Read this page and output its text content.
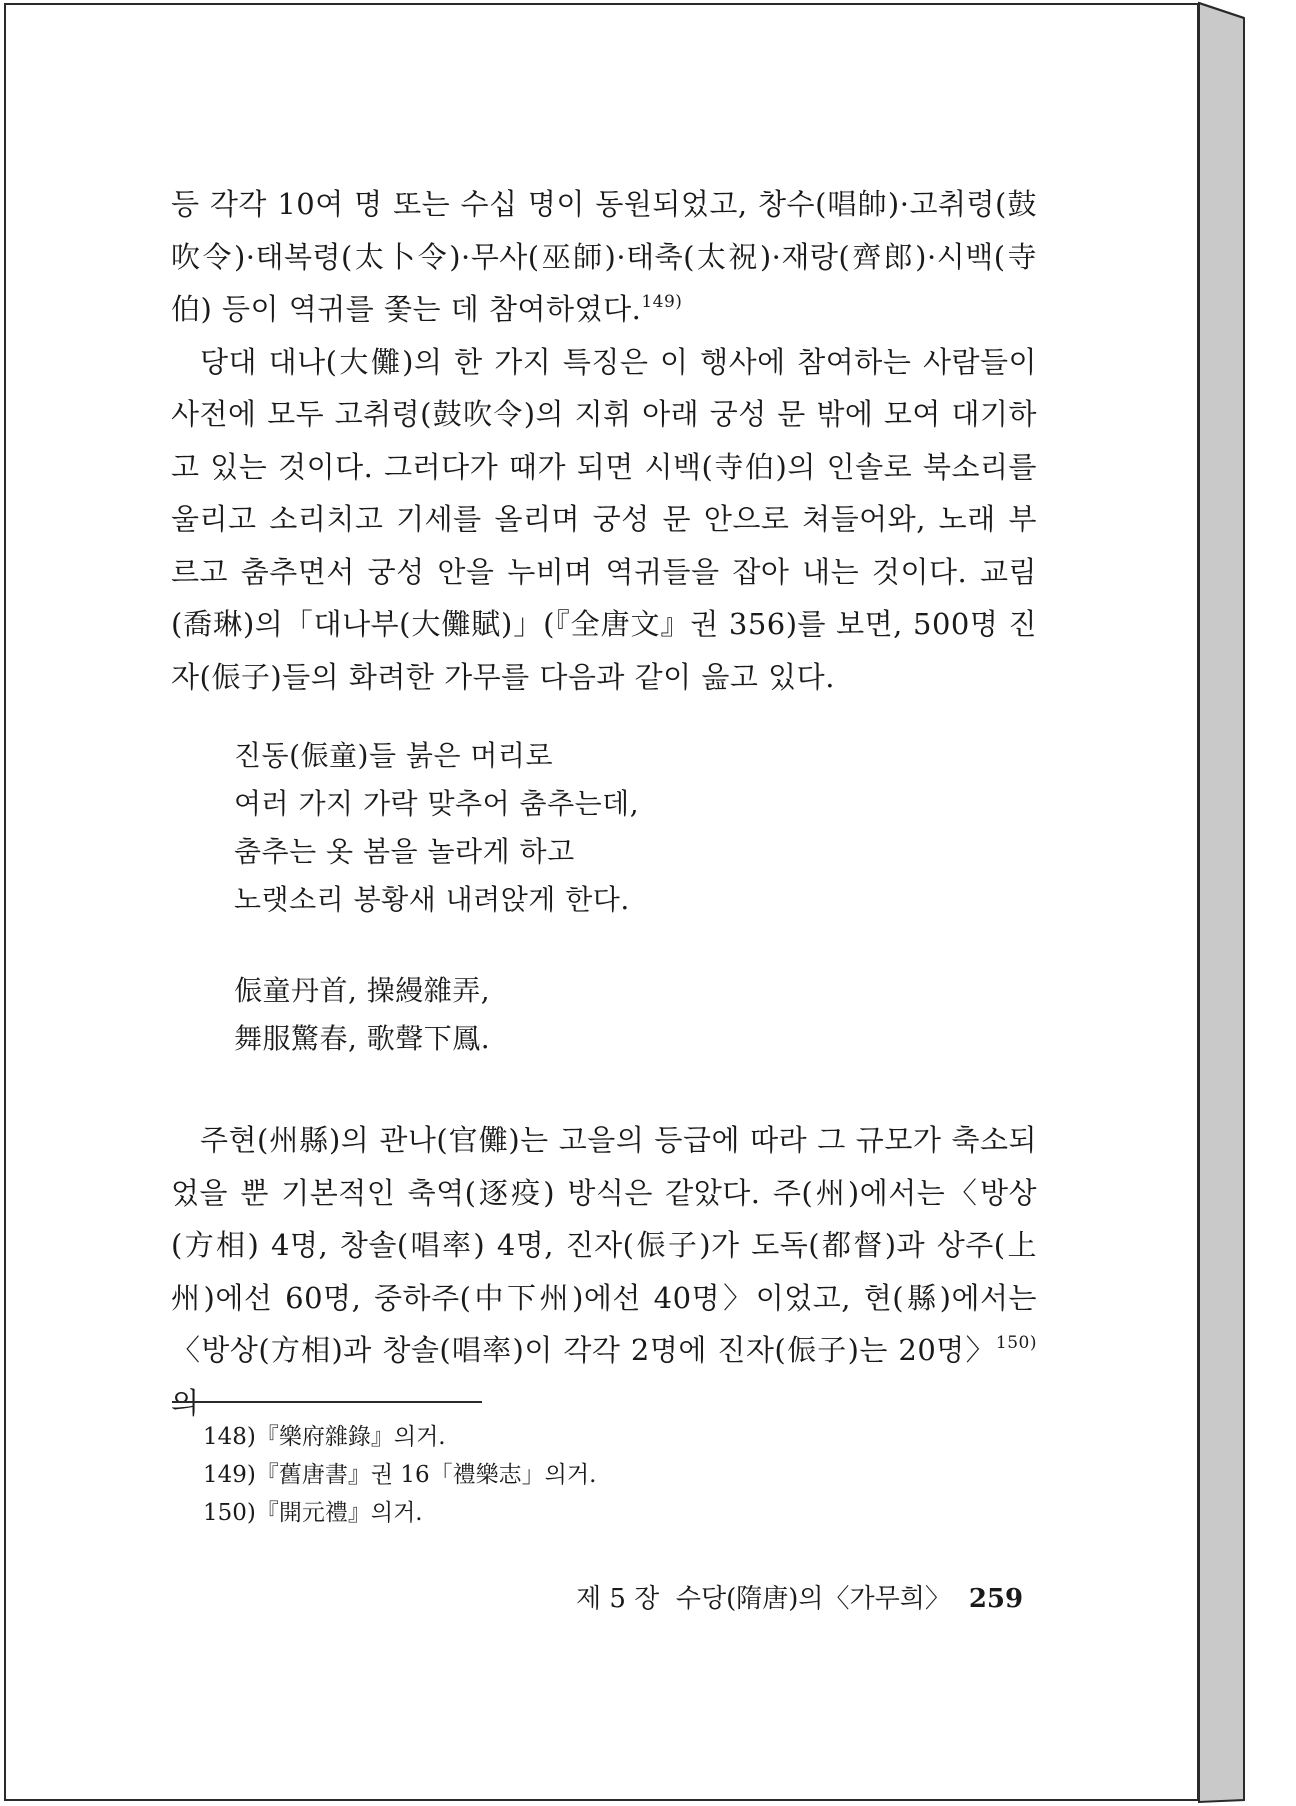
등 각각 10여 명 또는 수십 명이 동원되었고, 창수(唱帥)·고취령(鼓吹令)·태복령(太卜令)·무사(巫師)·태축(太祝)·재랑(齊郎)·시백(寺伯) 등이 역귀를 쫓는 데 참여하였다.$^{149)}$

당대 대나(大儺)의 한 가지 특징은 이 행사에 참여하는 사람들이 사전에 모두 고취령(鼓吹令)의 지휘 아래 궁성 문 밖에 모여 대기하고 있는 것이다. 그러다가 때가 되면 시백(寺伯)의 인솔로 북소리를 울리고 소리치고 기세를 올리며 궁성 문 안으로 쳐들어와, 노래 부르고 춤추면서 궁성 안을 누비며 역귀들을 잡아 내는 것이다. 교림(喬琳)의「대나부(大儺賦)」(『全唐文』권 356)를 보면, 500명 진자(侲子)들의 화려한 가무를 다음과 같이 읊고 있다.

진동(侲童)들 붉은 머리로
여러 가지 가락 맞추어 춤추는데,
춤추는 옷 봄을 놀라게 하고
노랫소리 봉황새 내려앉게 한다.
侲童丹首, 操縵雜弄,
舞服驚春, 歌聲下鳳.

주현(州縣)의 관나(官儺)는 고을의 등급에 따라 그 규모가 축소되었을 뿐 기본적인 축역(逐疫) 방식은 같았다. 주(州)에서는〈방상(方相) 4명, 창솔(唱率) 4명, 진자(侲子)가 도독(都督)과 상주(上州)에선 60명, 중하주(中下州)에선 40명〉이었고, 현(縣)에서는〈방상(方相)과 창솔(唱率)이 각각 2명에 진자(侲子)는 20명〉$^{150)}$의

148)『樂府雜錄』의거.
149)『舊唐書』권 16「禮樂志」의거.
150)『開元禮』의거.
제 5 장  수당(隋唐)의〈가무희〉 259
